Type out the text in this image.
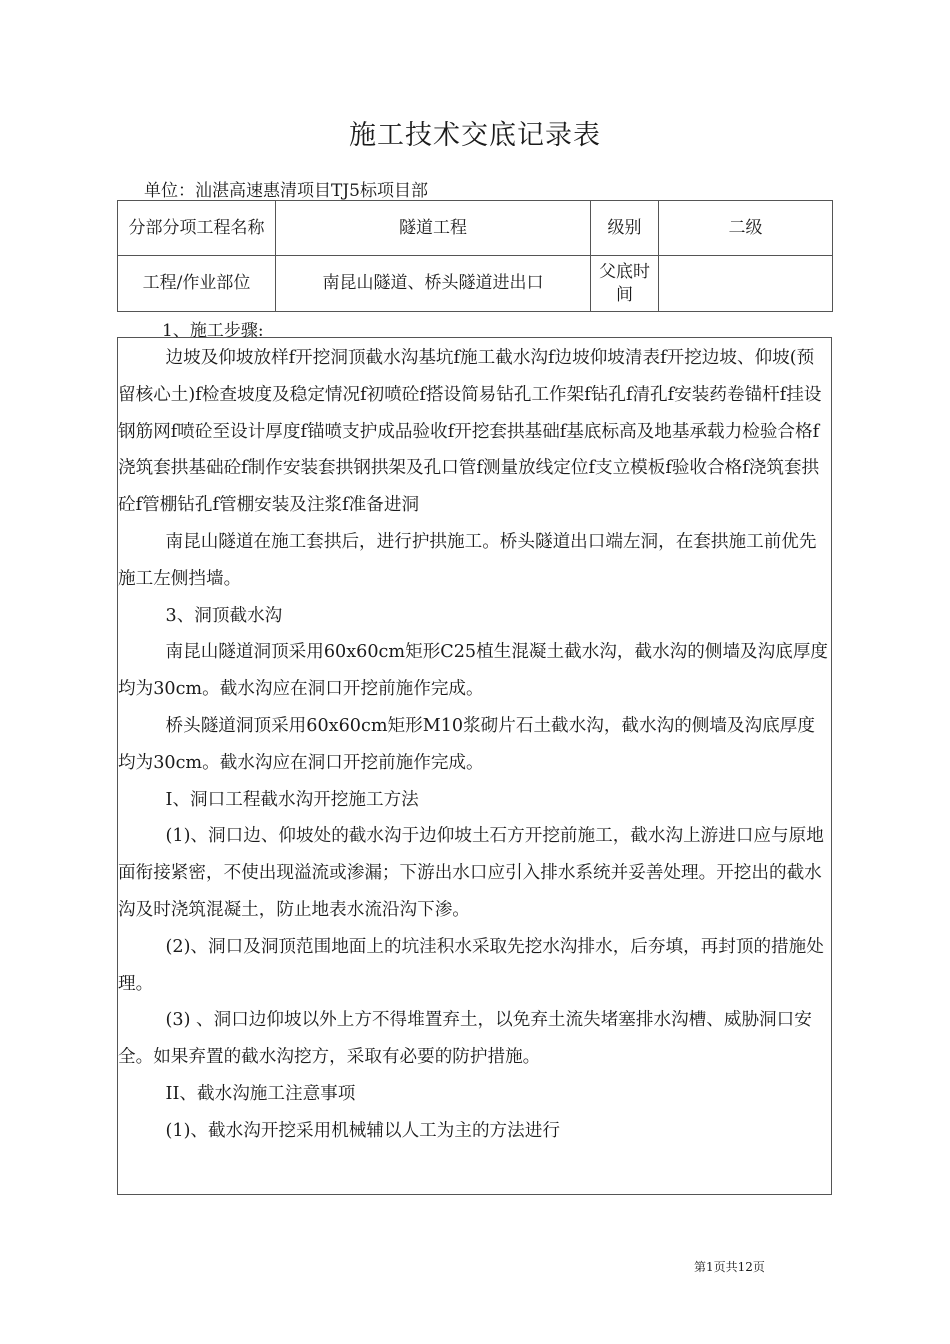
施工技术交底记录表
单位：汕湛高速惠清项目TJ5标项目部
分部分项工程名称	隧道工程	级别	二级
工程/作业部位	南昆山隧道、桥头隧道进出口	父底时间	
1、施工步骤:

边坡及仰坡放样f开挖洞顶截水沟基坑f施工截水沟f边坡仰坡清表f开挖边坡、仰坡(预留核心土)f检查坡度及稳定情况f初喷砼f搭设简易钻孔工作架f钻孔f清孔f安装药卷锚杆f挂设钢筋网f喷砼至设计厚度f锚喷支护成品验收f开挖套拱基础f基底标高及地基承载力检验合格f浇筑套拱基础砼f制作安装套拱钢拱架及孔口管f测量放线定位f支立模板f验收合格f浇筑套拱砼f管棚钻孔f管棚安装及注浆f准备进洞

南昆山隧道在施工套拱后，进行护拱施工。桥头隧道出口端左洞，在套拱施工前优先施工左侧挡墙。

3、洞顶截水沟

南昆山隧道洞顶采用60x60cm矩形C25植生混凝土截水沟，截水沟的侧墙及沟底厚度均为30cm。截水沟应在洞口开挖前施作完成。

桥头隧道洞顶采用60x60cm矩形M10浆砌片石土截水沟，截水沟的侧墙及沟底厚度均为30cm。截水沟应在洞口开挖前施作完成。

I、洞口工程截水沟开挖施工方法

(1)、洞口边、仰坡处的截水沟于边仰坡土石方开挖前施工，截水沟上游进口应与原地面衔接紧密，不使出现溢流或渗漏；下游出水口应引入排水系统并妥善处理。开挖出的截水沟及时浇筑混凝土，防止地表水流沿沟下渗。

(2)、洞口及洞顶范围地面上的坑洼积水采取先挖水沟排水，后夯填，再封顶的措施处理。

(3) 、洞口边仰坡以外上方不得堆置弃土，以免弃土流失堵塞排水沟槽、威胁洞口安全。如果弃置的截水沟挖方，采取有必要的防护措施。

II、截水沟施工注意事项

(1)、截水沟开挖采用机械辅以人工为主的方法进行

第1页共12页
